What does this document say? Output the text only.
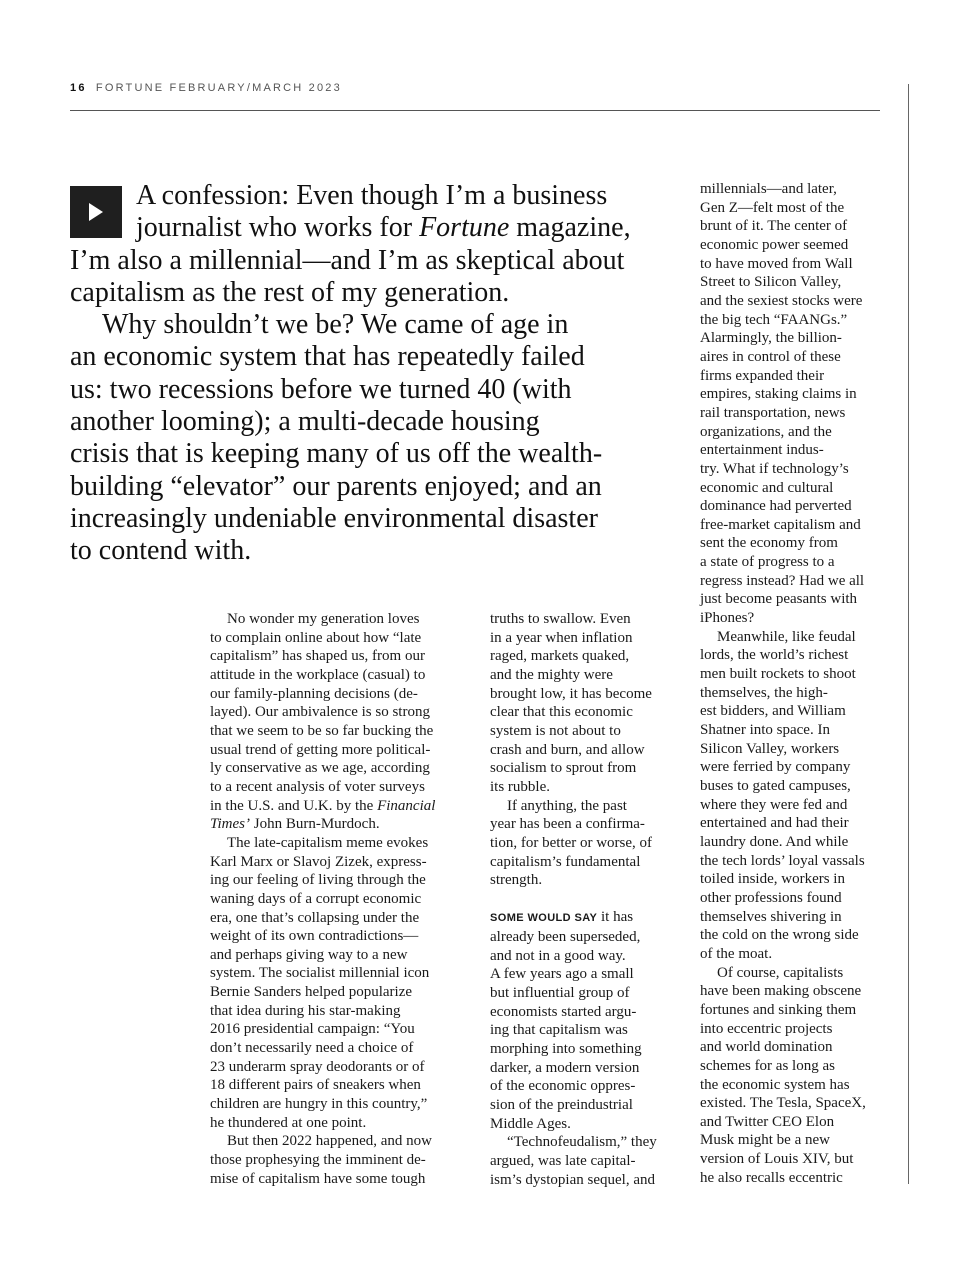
16 FORTUNE FEBRUARY/MARCH 2023

A confession: Even though I’m a business
journalist who works for Fortune magazine,
I’m also a millennial—and I’m as skeptical about
capitalism as the rest of my generation.

Why shouldn’t we be? We came of age in
an economic system that has repeatedly failed
us: two recessions before we turned 40 (with
another looming); a multi-decade housing
crisis that is keeping many of us off the wealth-
building “elevator” our parents enjoyed; and an
increasingly undeniable environmental disaster
to contend with.

No wonder my generation loves
to complain online about how “late
capitalism” has shaped us, from our
attitude in the workplace (casual) to
our family-planning decisions (de-
layed). Our ambivalence is so strong
that we seem to be so far bucking the
usual trend of getting more political-
ly conservative as we age, according
to a recent analysis of voter surveys
in the U.S. and U.K. by the Financial
Times’ John Burn-Murdoch.

The late-capitalism meme evokes
Karl Marx or Slavoj Zizek, express-
ing our feeling of living through the
waning days of a corrupt economic
era, one that’s collapsing under the
weight of its own contradictions—
and perhaps giving way to a new
system. The socialist millennial icon
Bernie Sanders helped popularize
that idea during his star-making
2016 presidential campaign: “You
don’t necessarily need a choice of
23 underarm spray deodorants or of
18 different pairs of sneakers when
children are hungry in this country,”
he thundered at one point.

But then 2022 happened, and now
those prophesying the imminent de-
mise of capitalism have some tough

truths to swallow. Even
in a year when inflation
raged, markets quaked,
and the mighty were
brought low, it has become
clear that this economic
system is not about to
crash and burn, and allow
socialism to sprout from
its rubble.

If anything, the past
year has been a confirma-
tion, for better or worse, of
capitalism’s fundamental
strength.

SOME WOULD SAY it has
already been superseded,
and not in a good way.
A few years ago a small
but influential group of
economists started argu-
ing that capitalism was
morphing into something
darker, a modern version
of the economic oppres-
sion of the preindustrial
Middle Ages.

“Technofeudalism,” they
argued, was late capital-
ism’s dystopian sequel, and

millennials—and later,
Gen Z—felt most of the
brunt of it. The center of
economic power seemed
to have moved from Wall
Street to Silicon Valley,
and the sexiest stocks were
the big tech “FAANGs.”
Alarmingly, the billion-
aires in control of these
firms expanded their
empires, staking claims in
rail transportation, news
organizations, and the
entertainment indus-
try. What if technology’s
economic and cultural
dominance had perverted
free-market capitalism and
sent the economy from
a state of progress to a
regress instead? Had we all
just become peasants with
iPhones?

Meanwhile, like feudal
lords, the world’s richest
men built rockets to shoot
themselves, the high-
est bidders, and William
Shatner into space. In
Silicon Valley, workers
were ferried by company
buses to gated campuses,
where they were fed and
entertained and had their
laundry done. And while
the tech lords’ loyal vassals
toiled inside, workers in
other professions found
themselves shivering in
the cold on the wrong side
of the moat.

Of course, capitalists
have been making obscene
fortunes and sinking them
into eccentric projects
and world domination
schemes for as long as
the economic system has
existed. The Tesla, SpaceX,
and Twitter CEO Elon
Musk might be a new
version of Louis XIV, but
he also recalls eccentric
